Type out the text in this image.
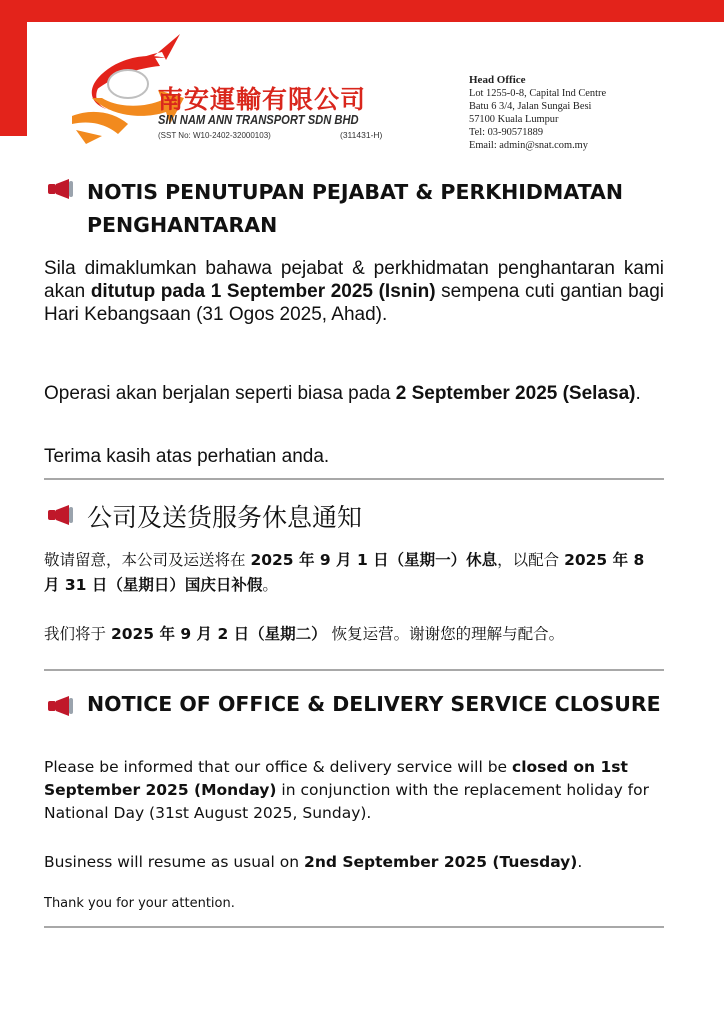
南安運輸有限公司
SIN NAM ANN TRANSPORT SDN BHD
(SST No: W10-2402-32000103)	(311431-H)
Head Office
Lot 1255-0-8, Capital Ind Centre
Batu 6 3/4, Jalan Sungai Besi
57100 Kuala Lumpur
Tel: 03-90571889
Email: admin@snat.com.my
NOTIS PENUTUPAN PEJABAT & PERKHIDMATAN PENGHANTARAN
Sila dimaklumkan bahawa pejabat & perkhidmatan penghantaran kami akan ditutup pada 1 September 2025 (Isnin) sempena cuti gantian bagi Hari Kebangsaan (31 Ogos 2025, Ahad).
Operasi akan berjalan seperti biasa pada 2 September 2025 (Selasa).
Terima kasih atas perhatian anda.
公司及送货服务休息通知
敬请留意，本公司及运送将在 2025 年 9 月 1 日（星期一）休息，以配合 2025 年 8 月 31 日（星期日）国庆日补假。
我们将于 2025 年 9 月 2 日（星期二） 恢复运营。谢谢您的理解与配合。
NOTICE OF OFFICE & DELIVERY SERVICE CLOSURE
Please be informed that our office & delivery service will be closed on 1st September 2025 (Monday) in conjunction with the replacement holiday for National Day (31st August 2025, Sunday).
Business will resume as usual on 2nd September 2025 (Tuesday).
Thank you for your attention.
